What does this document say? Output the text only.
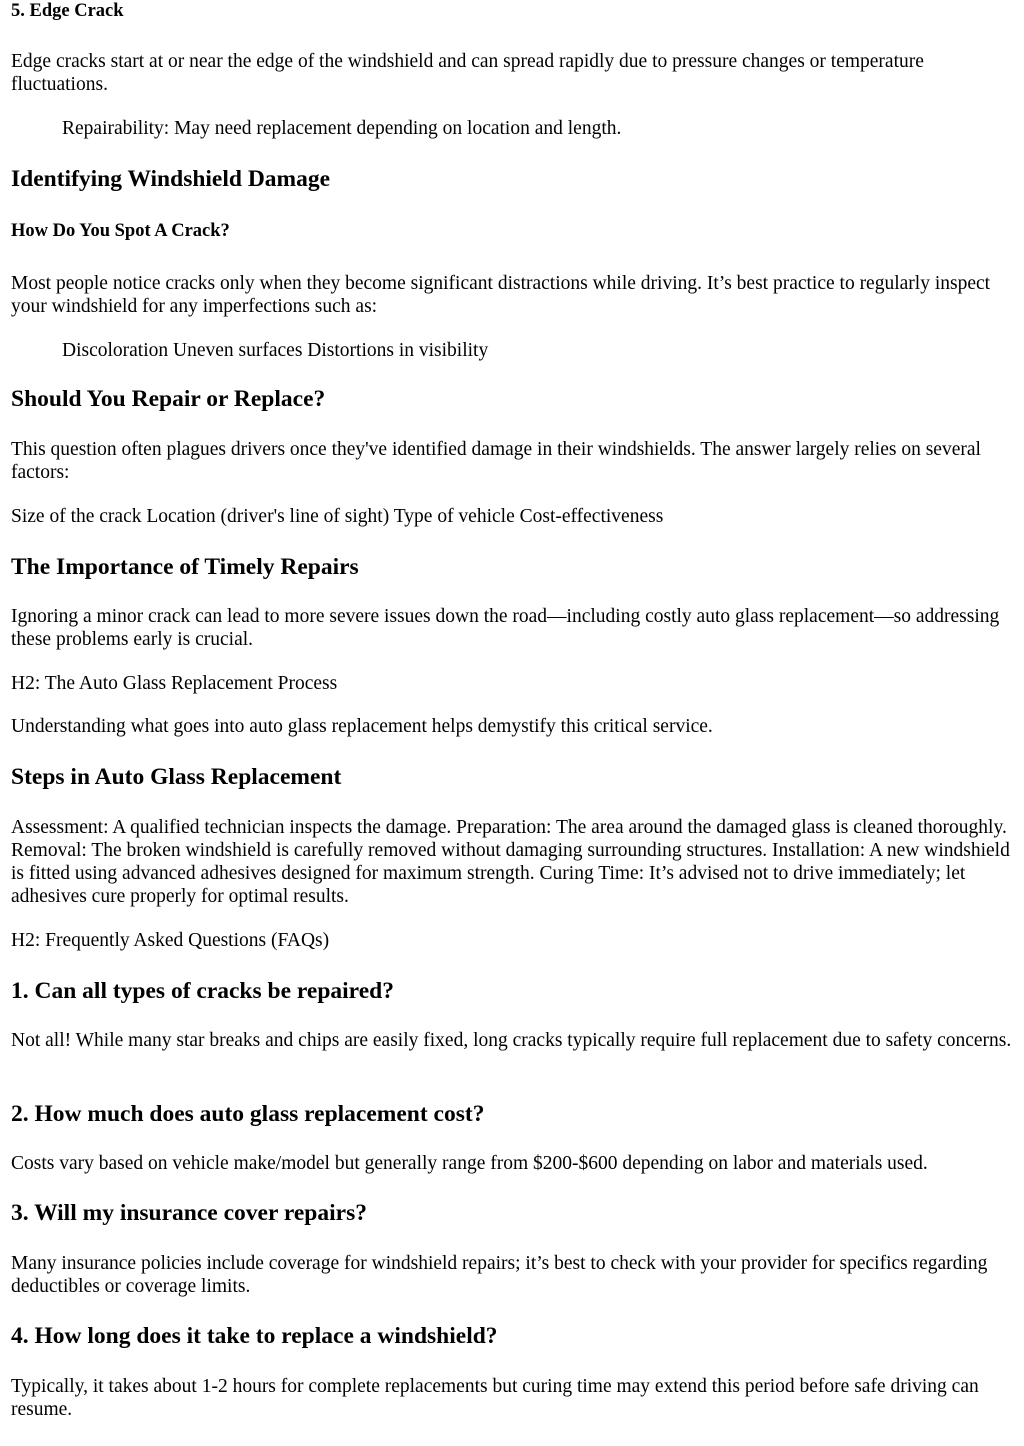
5. Edge Crack

Edge cracks start at or near the edge of the windshield and can spread rapidly due to pressure changes or temperature fluctuations.

Repairability: May need replacement depending on location and length.

Identifying Windshield Damage
How Do You Spot A Crack?

Most people notice cracks only when they become significant distractions while driving. It’s best practice to regularly inspect your windshield for any imperfections such as:

Discoloration Uneven surfaces Distortions in visibility

Should You Repair or Replace?

This question often plagues drivers once they've identified damage in their windshields. The answer largely relies on several factors:

Size of the crack Location (driver's line of sight) Type of vehicle Cost-effectiveness

The Importance of Timely Repairs

Ignoring a minor crack can lead to more severe issues down the road—including costly auto glass replacement—so addressing these problems early is crucial.

H2: The Auto Glass Replacement Process

Understanding what goes into auto glass replacement helps demystify this critical service.

Steps in Auto Glass Replacement

Assessment: A qualified technician inspects the damage. Preparation: The area around the damaged glass is cleaned thoroughly. Removal: The broken windshield is carefully removed without damaging surrounding structures. Installation: A new windshield is fitted using advanced adhesives designed for maximum strength. Curing Time: It’s advised not to drive immediately; let adhesives cure properly for optimal results.

H2: Frequently Asked Questions (FAQs)

1. Can all types of cracks be repaired?

Not all! While many star breaks and chips are easily fixed, long cracks typically require full replacement due to safety concerns.

2. How much does auto glass replacement cost?

Costs vary based on vehicle make/model but generally range from $200-$600 depending on labor and materials used.

3. Will my insurance cover repairs?

Many insurance policies include coverage for windshield repairs; it’s best to check with your provider for specifics regarding deductibles or coverage limits.

4. How long does it take to replace a windshield?

Typically, it takes about 1-2 hours for complete replacements but curing time may extend this period before safe driving can resume.
